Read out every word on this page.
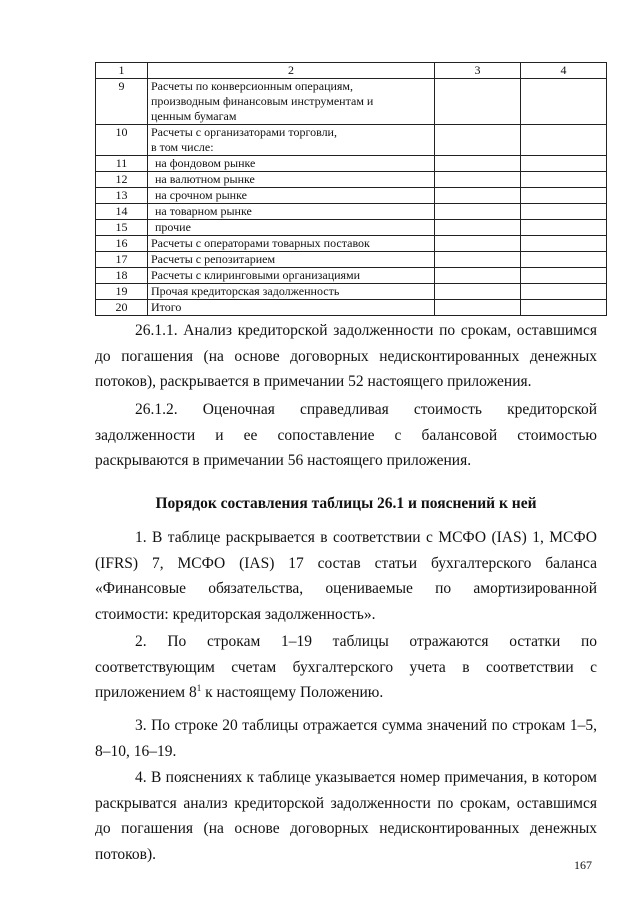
1	2	3	4
9	Расчеты по конверсионным операциям,
производным финансовым инструментам и
ценным бумагам		

10	Расчеты с организаторами торговли,
в том числе:		

11	на фондовом рынке		

12	на валютном рынке		

13	на срочном рынке		

14	на товарном рынке		

15	прочие		

16	Расчеты с операторами товарных поставок		

17	Расчеты с репозитарием		

18	Расчеты с клиринговыми организациями		

19	Прочая кредиторская задолженность		

20	Итого		

26.1.1. Анализ кредиторской задолженности по срокам, оставшимся до погашения (на основе договорных недисконтированных денежных потоков), раскрывается в примечании 52 настоящего приложения.

26.1.2. Оценочная справедливая стоимость кредиторской
задолженности и ее сопоставление с балансовой стоимостью раскрываются в примечании 56 настоящего приложения.
Порядок составления таблицы 26.1 и пояснений к ней

1. В таблице раскрывается в соответствии с МСФО (IAS) 1, МСФО (IFRS) 7, МСФО (IAS) 17 состав статьи бухгалтерского баланса «Финансовые обязательства, оцениваемые по амортизированной стоимости: кредиторская задолженность».

2. По строкам 1–19 таблицы отражаются остатки по соответствующим счетам бухгалтерского учета в соответствии с приложением $8^1$ к настоящему Положению.

3. По строке 20 таблицы отражается сумма значений по строкам 1–5, 8–10, 16–19.

4. В пояснениях к таблице указывается номер примечания, в котором раскрыватся анализ кредиторской задолженности по срокам, оставшимся до погашения (на основе договорных недисконтированных денежных потоков).

167
